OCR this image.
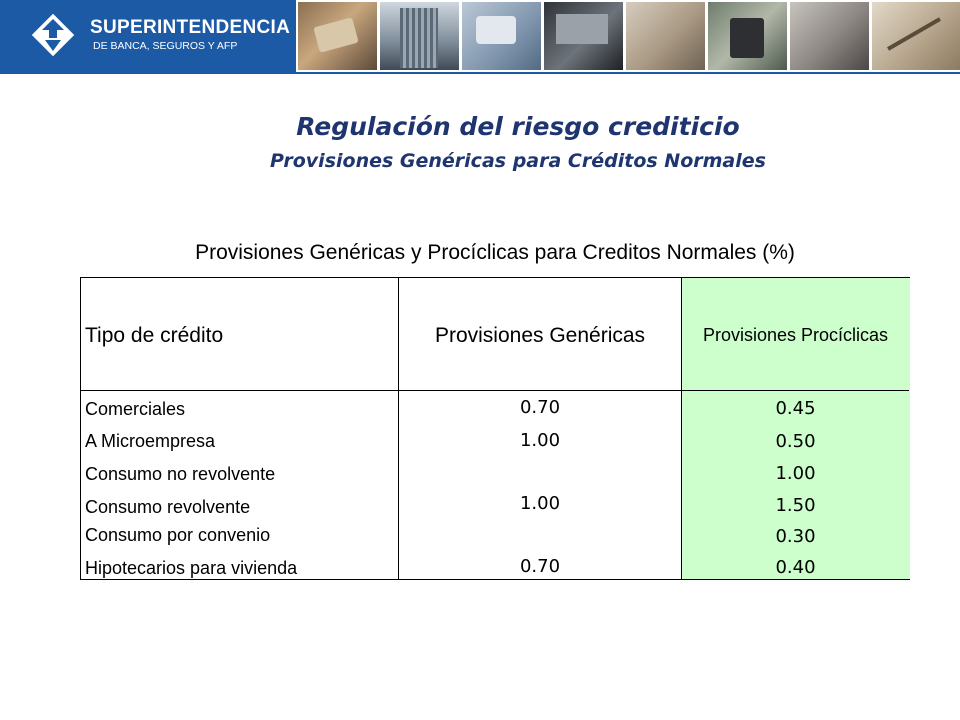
SUPERINTENDENCIA
DE BANCA, SEGUROS Y AFP
Regulación del riesgo crediticio
Provisiones Genéricas para Créditos Normales
Provisiones Genéricas y Procíclicas para Creditos Normales (%)
Tipo de crédito	Provisiones Genéricas	Provisiones Procíclicas
Comerciales
A Microempresa
Consumo no revolvente
Consumo revolvente
Consumo por convenio
Hipotecarios para vivienda
0.70
1.00
1.00
0.70
0.45
0.50
1.00
1.50
0.30
0.40
